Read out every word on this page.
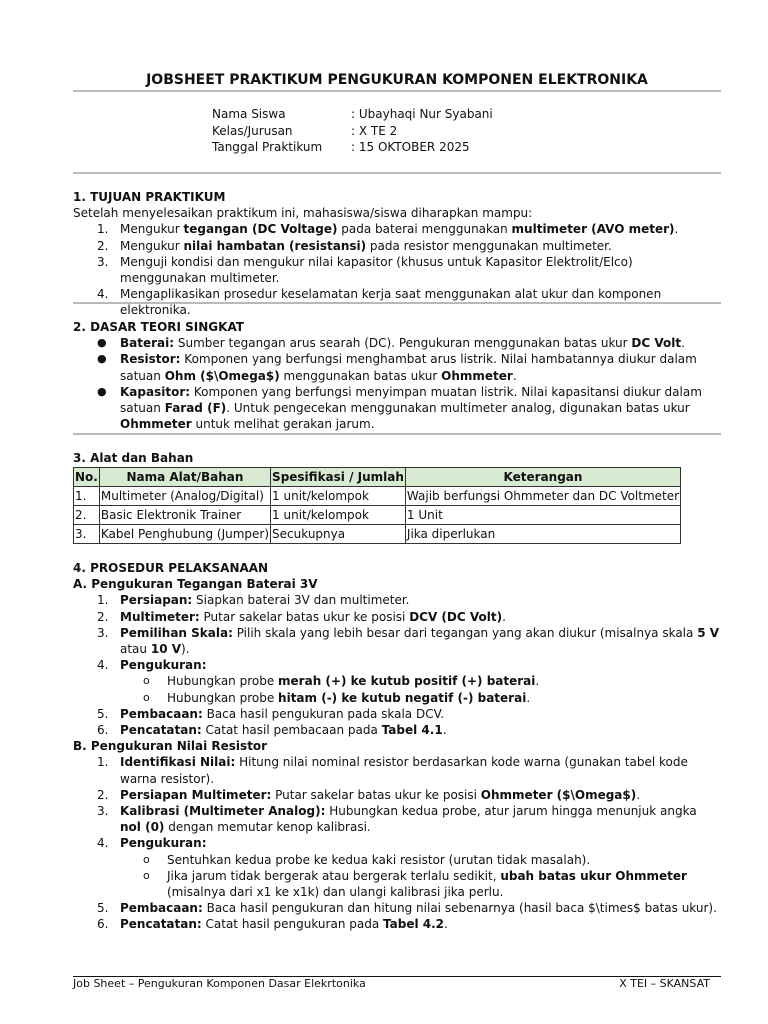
JOBSHEET PRAKTIKUM PENGUKURAN KOMPONEN ELEKTRONIKA
Nama Siswa	: Ubayhaqi Nur Syabani
Kelas/Jurusan	: X TE 2
Tanggal Praktikum	: 15 OKTOBER 2025
1. TUJUAN PRAKTIKUM
Setelah menyelesaikan praktikum ini, mahasiswa/siswa diharapkan mampu:
1. Mengukur tegangan (DC Voltage) pada baterai menggunakan multimeter (AVO meter).
2. Mengukur nilai hambatan (resistansi) pada resistor menggunakan multimeter.
3. Menguji kondisi dan mengukur nilai kapasitor (khusus untuk Kapasitor Elektrolit/Elco) menggunakan multimeter.
4. Mengaplikasikan prosedur keselamatan kerja saat menggunakan alat ukur dan komponen elektronika.
2. DASAR TEORI SINGKAT
● Baterai: Sumber tegangan arus searah (DC). Pengukuran menggunakan batas ukur DC Volt.
● Resistor: Komponen yang berfungsi menghambat arus listrik. Nilai hambatannya diukur dalam satuan Ohm ($\Omega$) menggunakan batas ukur Ohmmeter.
● Kapasitor: Komponen yang berfungsi menyimpan muatan listrik. Nilai kapasitansi diukur dalam satuan Farad (F). Untuk pengecekan menggunakan multimeter analog, digunakan batas ukur Ohmmeter untuk melihat gerakan jarum.
3. Alat dan Bahan
No.	Nama Alat/Bahan	Spesifikasi / Jumlah	Keterangan
1.	Multimeter (Analog/Digital)	1 unit/kelompok	Wajib berfungsi Ohmmeter dan DC Voltmeter
2.	Basic Elektronik Trainer	1 unit/kelompok	1 Unit
3.	Kabel Penghubung (Jumper)	Secukupnya	Jika diperlukan
4. PROSEDUR PELAKSANAAN
A. Pengukuran Tegangan Baterai 3V
1. Persiapan: Siapkan baterai 3V dan multimeter.
2. Multimeter: Putar sakelar batas ukur ke posisi DCV (DC Volt).
3. Pemilihan Skala: Pilih skala yang lebih besar dari tegangan yang akan diukur (misalnya skala 5 V atau 10 V).
4. Pengukuran:
o Hubungkan probe merah (+) ke kutub positif (+) baterai.
o Hubungkan probe hitam (-) ke kutub negatif (-) baterai.
5. Pembacaan: Baca hasil pengukuran pada skala DCV.
6. Pencatatan: Catat hasil pembacaan pada Tabel 4.1.
B. Pengukuran Nilai Resistor
1. Identifikasi Nilai: Hitung nilai nominal resistor berdasarkan kode warna (gunakan tabel kode warna resistor).
2. Persiapan Multimeter: Putar sakelar batas ukur ke posisi Ohmmeter ($\Omega$).
3. Kalibrasi (Multimeter Analog): Hubungkan kedua probe, atur jarum hingga menunjuk angka nol (0) dengan memutar kenop kalibrasi.
4. Pengukuran:
o Sentuhkan kedua probe ke kedua kaki resistor (urutan tidak masalah).
o Jika jarum tidak bergerak atau bergerak terlalu sedikit, ubah batas ukur Ohmmeter (misalnya dari x1 ke x1k) dan ulangi kalibrasi jika perlu.
5. Pembacaan: Baca hasil pengukuran dan hitung nilai sebenarnya (hasil baca $\times$ batas ukur).
6. Pencatatan: Catat hasil pengukuran pada Tabel 4.2.
Job Sheet – Pengukuran Komponen Dasar Elekrtonika	X TEI – SKANSAT
